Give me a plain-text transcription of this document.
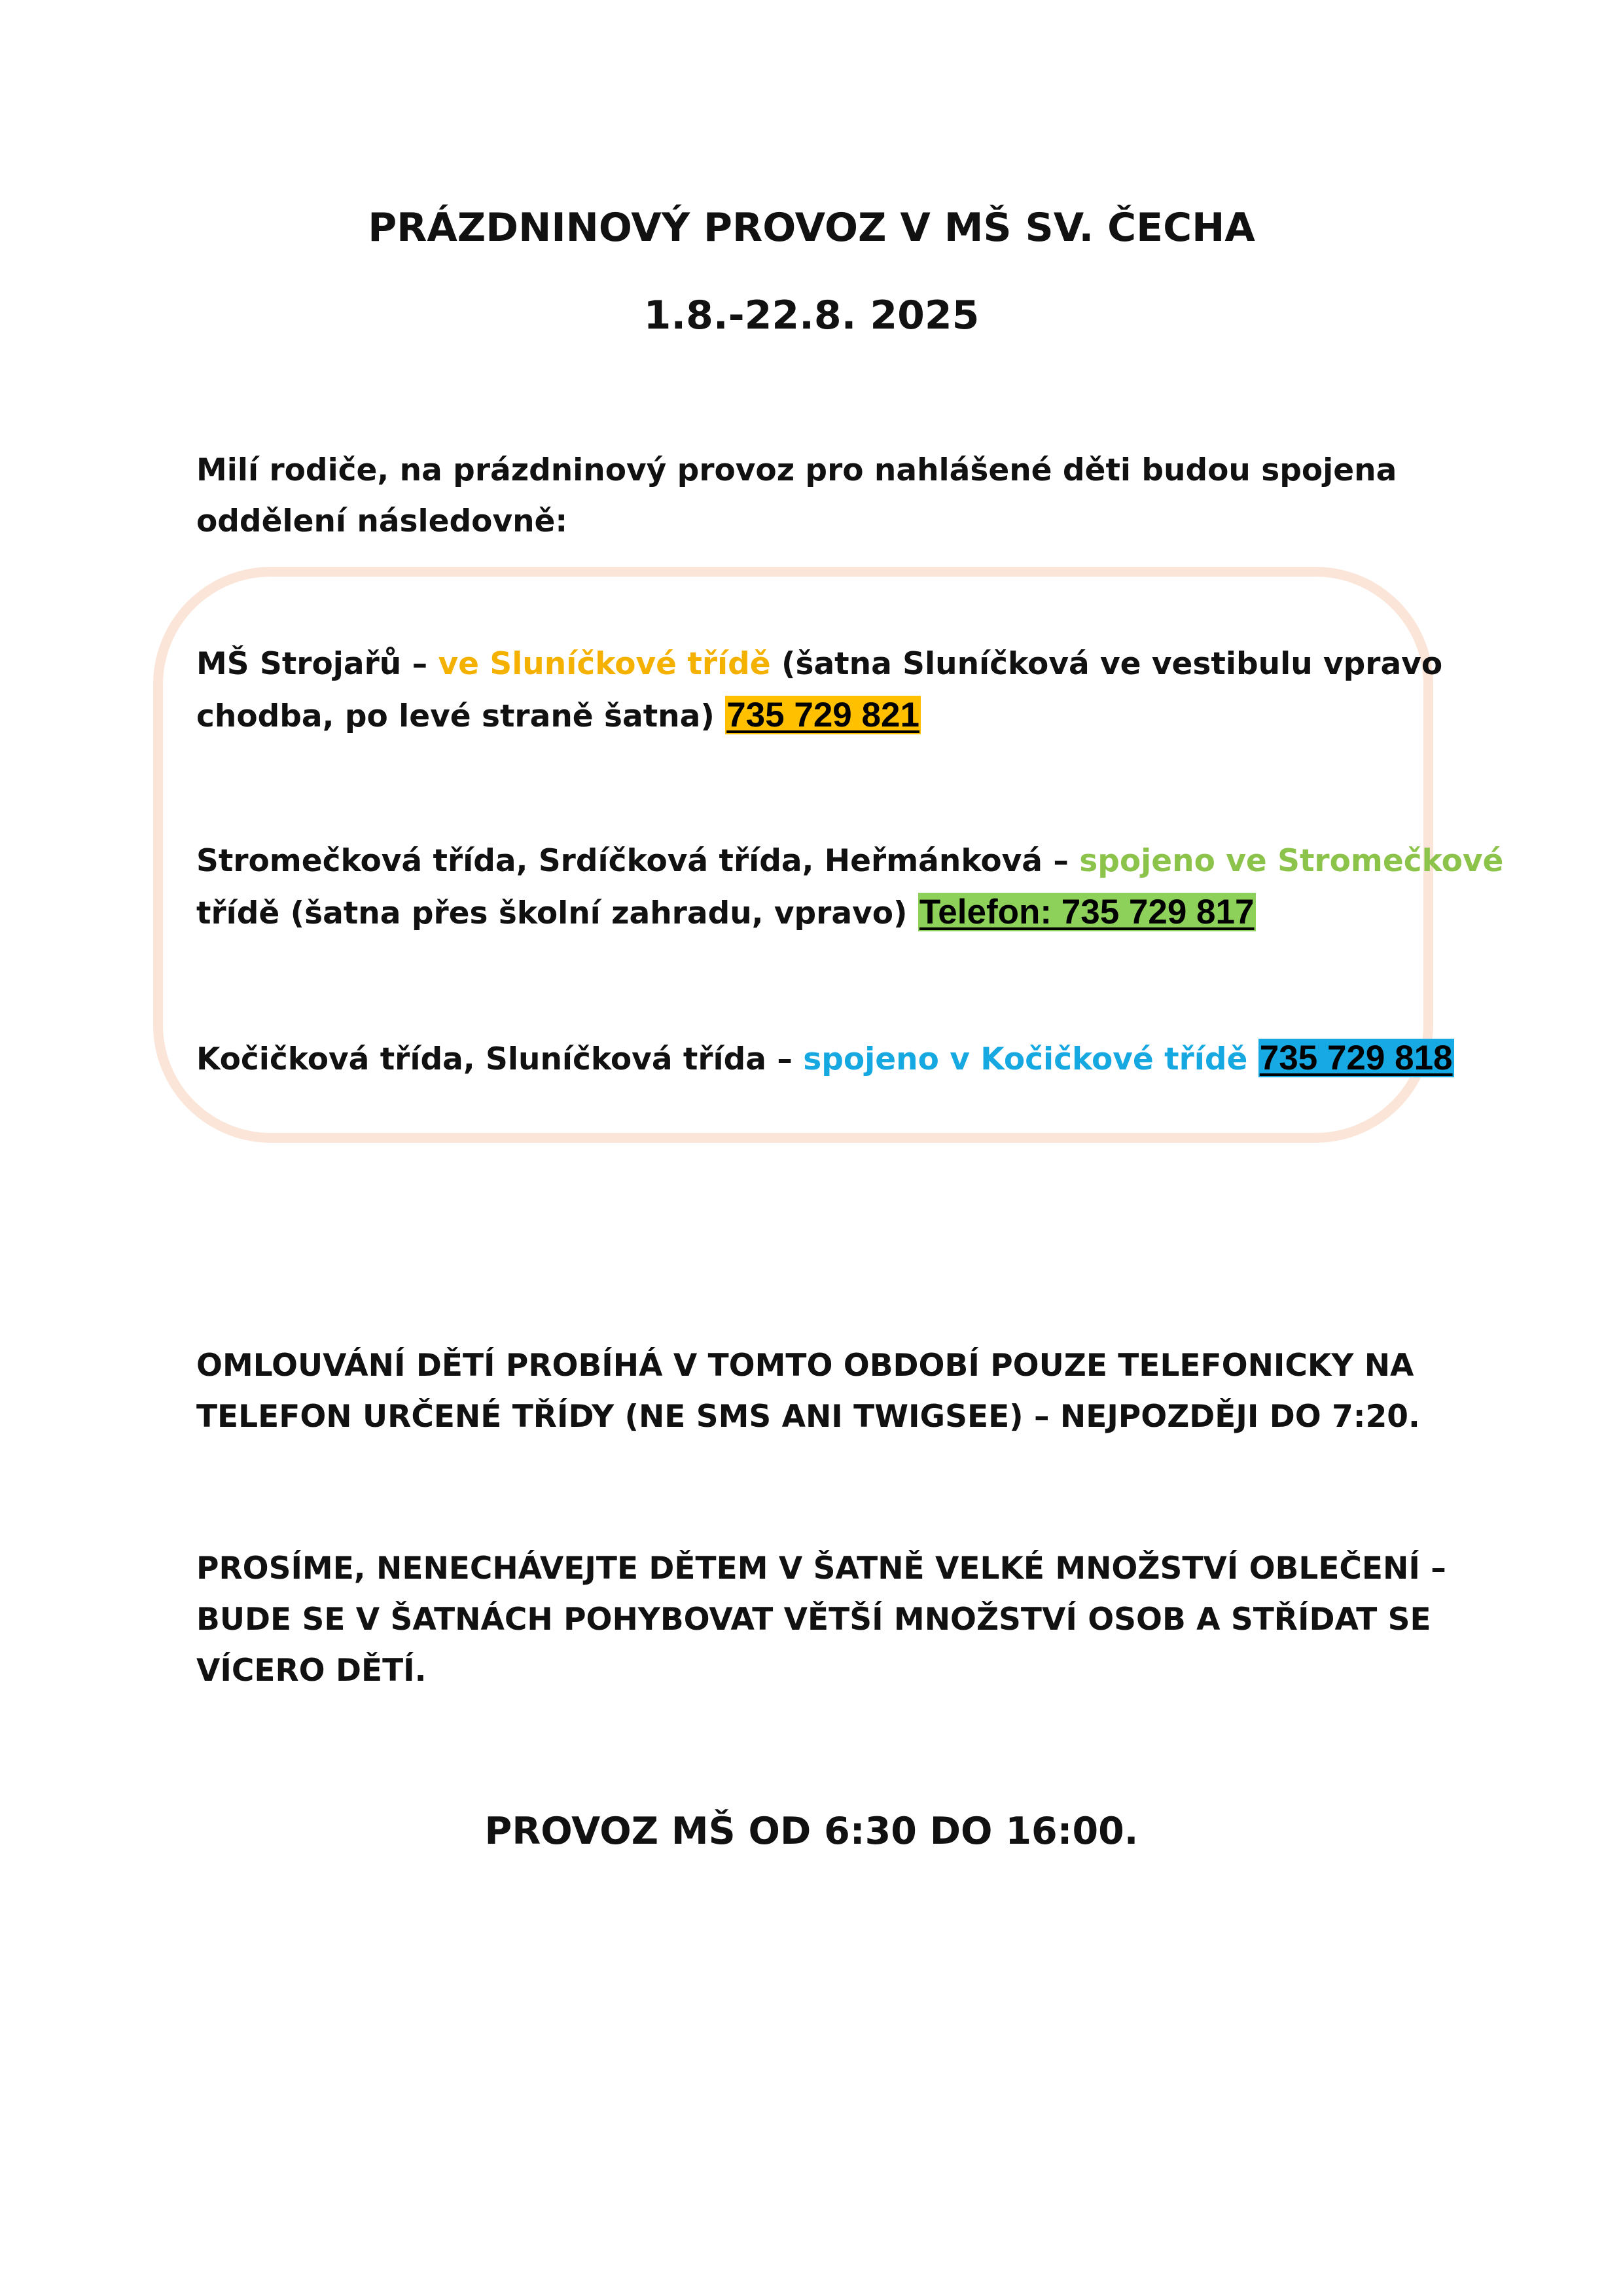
PRÁZDNINOVÝ PROVOZ V MŠ SV. ČECHA
1.8.-22.8. 2025
Milí rodiče, na prázdninový provoz pro nahlášené děti budou spojena
oddělení následovně:
MŠ Strojařů – ve Sluníčkové třídě (šatna Sluníčková ve vestibulu vpravo
chodba, po levé straně šatna) 735 729 821
Stromečková třída, Srdíčková třída, Heřmánková – spojeno ve Stromečkové
třídě (šatna přes školní zahradu, vpravo) Telefon: 735 729 817
Kočičková třída, Sluníčková třída – spojeno v Kočičkové třídě 735 729 818
OMLOUVÁNÍ DĚTÍ PROBÍHÁ V TOMTO OBDOBÍ POUZE TELEFONICKY NA
TELEFON URČENÉ TŘÍDY (NE SMS ANI TWIGSEE) – NEJPOZDĚJI DO 7:20.
PROSÍME, NENECHÁVEJTE DĚTEM V ŠATNĚ VELKÉ MNOŽSTVÍ OBLEČENÍ –
BUDE SE V ŠATNÁCH POHYBOVAT VĚTŠÍ MNOŽSTVÍ OSOB A STŘÍDAT SE
VÍCERO DĚTÍ.
PROVOZ MŠ OD 6:30 DO 16:00.
